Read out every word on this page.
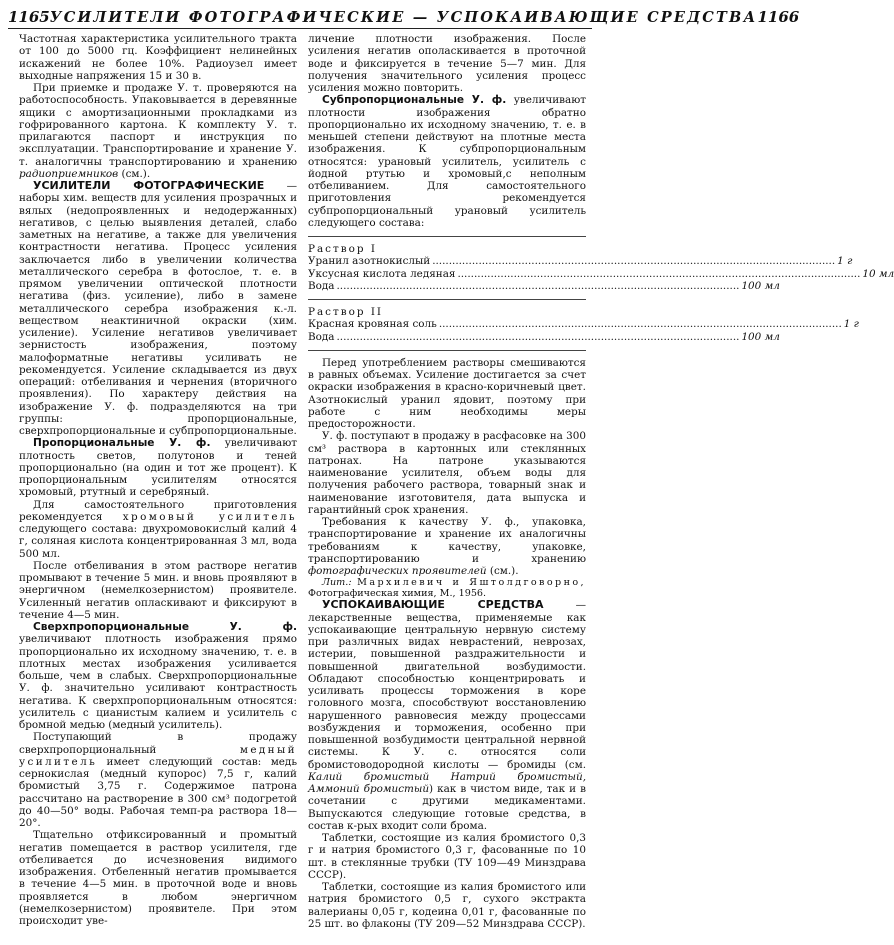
1165 УСИЛИТЕЛИ ФОТОГРАФИЧЕСКИЕ — УСПОКАИВАЮЩИЕ СРЕДСТВА 1166

Частотная характеристика усилительного тракта от 100 до 5000 гц. Коэффициент нелинейных искажений не более 10%. Радиоузел имеет выходные напряжения 15 и 30 в.

При приемке и продаже У. т. проверяются на работоспособность. Упаковывается в деревянные ящики с амортизационными прокладками из гофрированного картона. К комплекту У. т. прилагаются паспорт и инструкция по эксплуатации. Транспортирование и хранение У. т. аналогичны транспортированию и хранению радиоприемников (см.).

УСИЛИТЕЛИ ФОТОГРАФИЧЕСКИЕ — наборы хим. веществ для усиления прозрачных и вялых (недопроявленных и недодержанных) негативов, с целью выявления деталей, слабо заметных на негативе, а также для увеличения контрастности негатива. Процесс усиления заключается либо в увеличении количества металлического серебра в фотослое, т. е. в прямом увеличении оптической плотности негатива (физ. усиление), либо в замене металлического серебра изображения к.-л. веществом неактиничной окраски (хим. усиление). Усиление негативов увеличивает зернистость изображения, поэтому малоформатные негативы усиливать не рекомендуется. Усиление складывается из двух операций: отбеливания и чернения (вторичного проявления). По характеру действия на изображение У. ф. подразделяются на три группы: пропорциональные, сверхпропорциональные и субпропорциональные.

Пропорциональные У. ф. увеличивают плотность светов, полутонов и теней пропорционально (на один и тот же процент). К пропорциональным усилителям относятся хромовый, ртутный и серебряный.

Для самостоятельного приготовления рекомендуется хромовый усилитель следующего состава: двухромовокислый калий 4 г, соляная кислота концентрированная 3 мл, вода 500 мл.

После отбеливания в этом растворе негатив промывают в течение 5 мин. и вновь проявляют в энергичном (немелкозернистом) проявителе. Усиленный негатив оплаcкивают и фиксируют в течение 4—5 мин.

Сверхпропорциональные У. ф. увеличивают плотность изображения прямо пропорционально их исходному значению, т. е. в плотных местах изображения усиливается больше, чем в слабых. Сверхпропорциональные У. ф. значительно усиливают контрастность негатива. К сверхпропорциональным относятся: усилитель с цианистым калием и усилитель с бромной медью (медный усилитель).

Поступающий в продажу сверхпропорциональный медный усилитель имеет следующий состав: медь сернокислая (медный купорос) 7,5 г, калий бромистый 3,75 г. Содержимое патрона рассчитано на растворение в 300 см³ подогретой до 40—50° воды. Рабочая темп-ра раствора 18—20°.

Тщательно отфиксированный и промытый негатив помещается в раствор усилителя, где отбеливается до исчезновения видимого изображения. Отбеленный негатив промывается в течение 4—5 мин. в проточной воде и вновь проявляется в любом энергичном (немелкозернистом) проявителе. При этом происходит уве-

личение плотности изображения. После усиления негатив ополаскивается в проточной воде и фиксируется в течение 5—7 мин. Для получения значительного усиления процесс усиления можно повторить.

Субпропорциональные У. ф. увеличивают плотности изображения обратно пропорционально их исходному значению, т. е. в меньшей степени действуют на плотные места изображения. К субпропорциональным относятся: урановый усилитель, усилитель с йодной ртутью и хромовый,с неполным отбеливанием. Для самостоятельного приготовления рекомендуется субпропорциональный урановый усилитель следующего состава:

Раствор I

Уранил азотнокислый .....	1 г
Уксусная кислота ледяная .....	10 мл
Вода .....	100 мл

Раствор II

Красная кровяная соль .....	1 г
Вода .....	100 мл

Перед употреблением растворы смешиваются в равных объемах. Усиление достигается за счет окраски изображения в красно-коричневый цвет. Азотнокислый уранил ядовит, поэтому при работе с ним необходимы меры предосторожности.

У. ф. поступают в продажу в расфасовке на 300 см³ раствора в картонных или стеклянных патронах. На патроне указываются наименование усилителя, объем воды для получения рабочего раствора, товарный знак и наименование изготовителя, дата выпуска и гарантийный срок хранения.

Требования к качеству У. ф., упаковка, транспортирование и хранение их аналогичны требованиям к качеству, упаковке, транспортированию и хранению фотографических проявителей (см.).

Лит.: Мархилевич и Яштолдговорно, Фотографическая химия, М., 1956.

УСПОКАИВАЮЩИЕ СРЕДСТВА —лекарственные вещества, применяемые как успокаивающие центральную нервную систему при различных видах неврастений, неврозах, истерии, повышенной раздражительности и повышенной двигательной возбудимости. Обладают способностью концентрировать и усиливать процессы торможения в коре головного мозга, способствуют восстановлению нарушенного равновесия между процессами возбуждения и торможения, особенно при повышенной возбудимости центральной нервной системы. К У. с. относятся соли бромистоводородной кислоты — бромиды (см. Калий бромистый Натрий бромистый, Аммоний бромистый) как в чистом виде, так и в сочетании с другими медикаментами. Выпускаются следующие готовые средства, в состав к-рых входит соли брома.

Таблетки, состоящие из калия бромистого 0,3 г и натрия бромистого 0,3 г, фасованные по 10 шт. в стеклянные трубки (ТУ 109—49 Минздрава СССР).

Таблетки, состоящие из калия бромистого или натрия бромистого 0,5 г, сухого экстракта валерианы 0,05 г, кодеина 0,01 г, фасованные по 25 шт. во флаконы (ТУ 209—52 Минздрава СССР).
